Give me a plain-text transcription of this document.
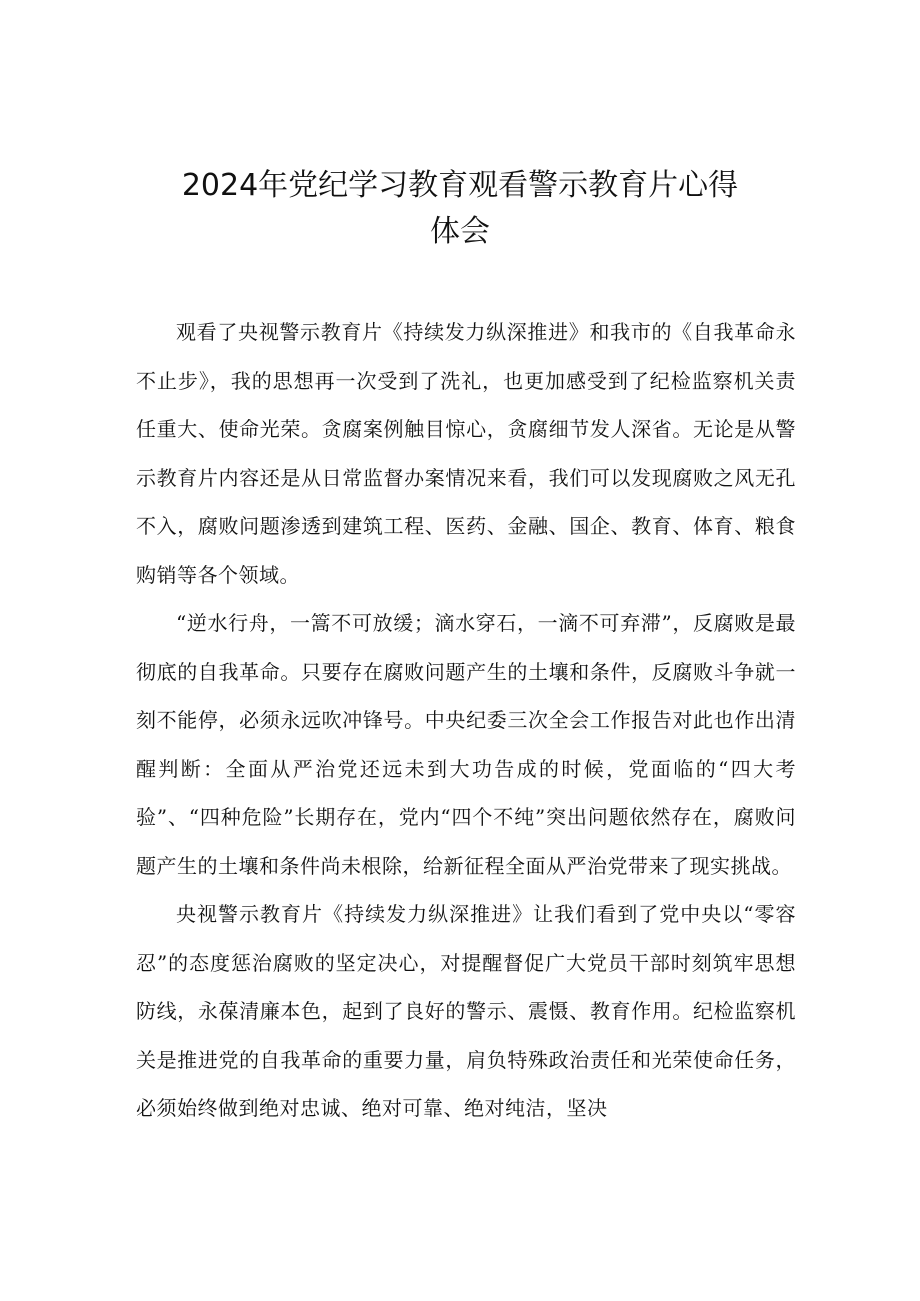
2024年党纪学习教育观看警示教育片心得
体会

观看了央视警示教育片《持续发力纵深推进》和我市的《自我革命永不止步》，我的思想再一次受到了洗礼，也更加感受到了纪检监察机关责任重大、使命光荣。贪腐案例触目惊心，贪腐细节发人深省。无论是从警示教育片内容还是从日常监督办案情况来看，我们可以发现腐败之风无孔不入，腐败问题渗透到建筑工程、医药、金融、国企、教育、体育、粮食购销等各个领域。

“逆水行舟，一篙不可放缓；滴水穿石，一滴不可弃滞”，反腐败是最彻底的自我革命。只要存在腐败问题产生的土壤和条件，反腐败斗争就一刻不能停，必须永远吹冲锋号。中央纪委三次全会工作报告对此也作出清醒判断：全面从严治党还远未到大功告成的时候，党面临的“四大考验”、“四种危险”长期存在，党内“四个不纯”突出问题依然存在，腐败问题产生的土壤和条件尚未根除，给新征程全面从严治党带来了现实挑战。

央视警示教育片《持续发力纵深推进》让我们看到了党中央以“零容忍”的态度惩治腐败的坚定决心，对提醒督促广大党员干部时刻筑牢思想防线，永葆清廉本色，起到了良好的警示、震慑、教育作用。纪检监察机关是推进党的自我革命的重要力量，肩负特殊政治责任和光荣使命任务，必须始终做到绝对忠诚、绝对可靠、绝对纯洁，坚决
